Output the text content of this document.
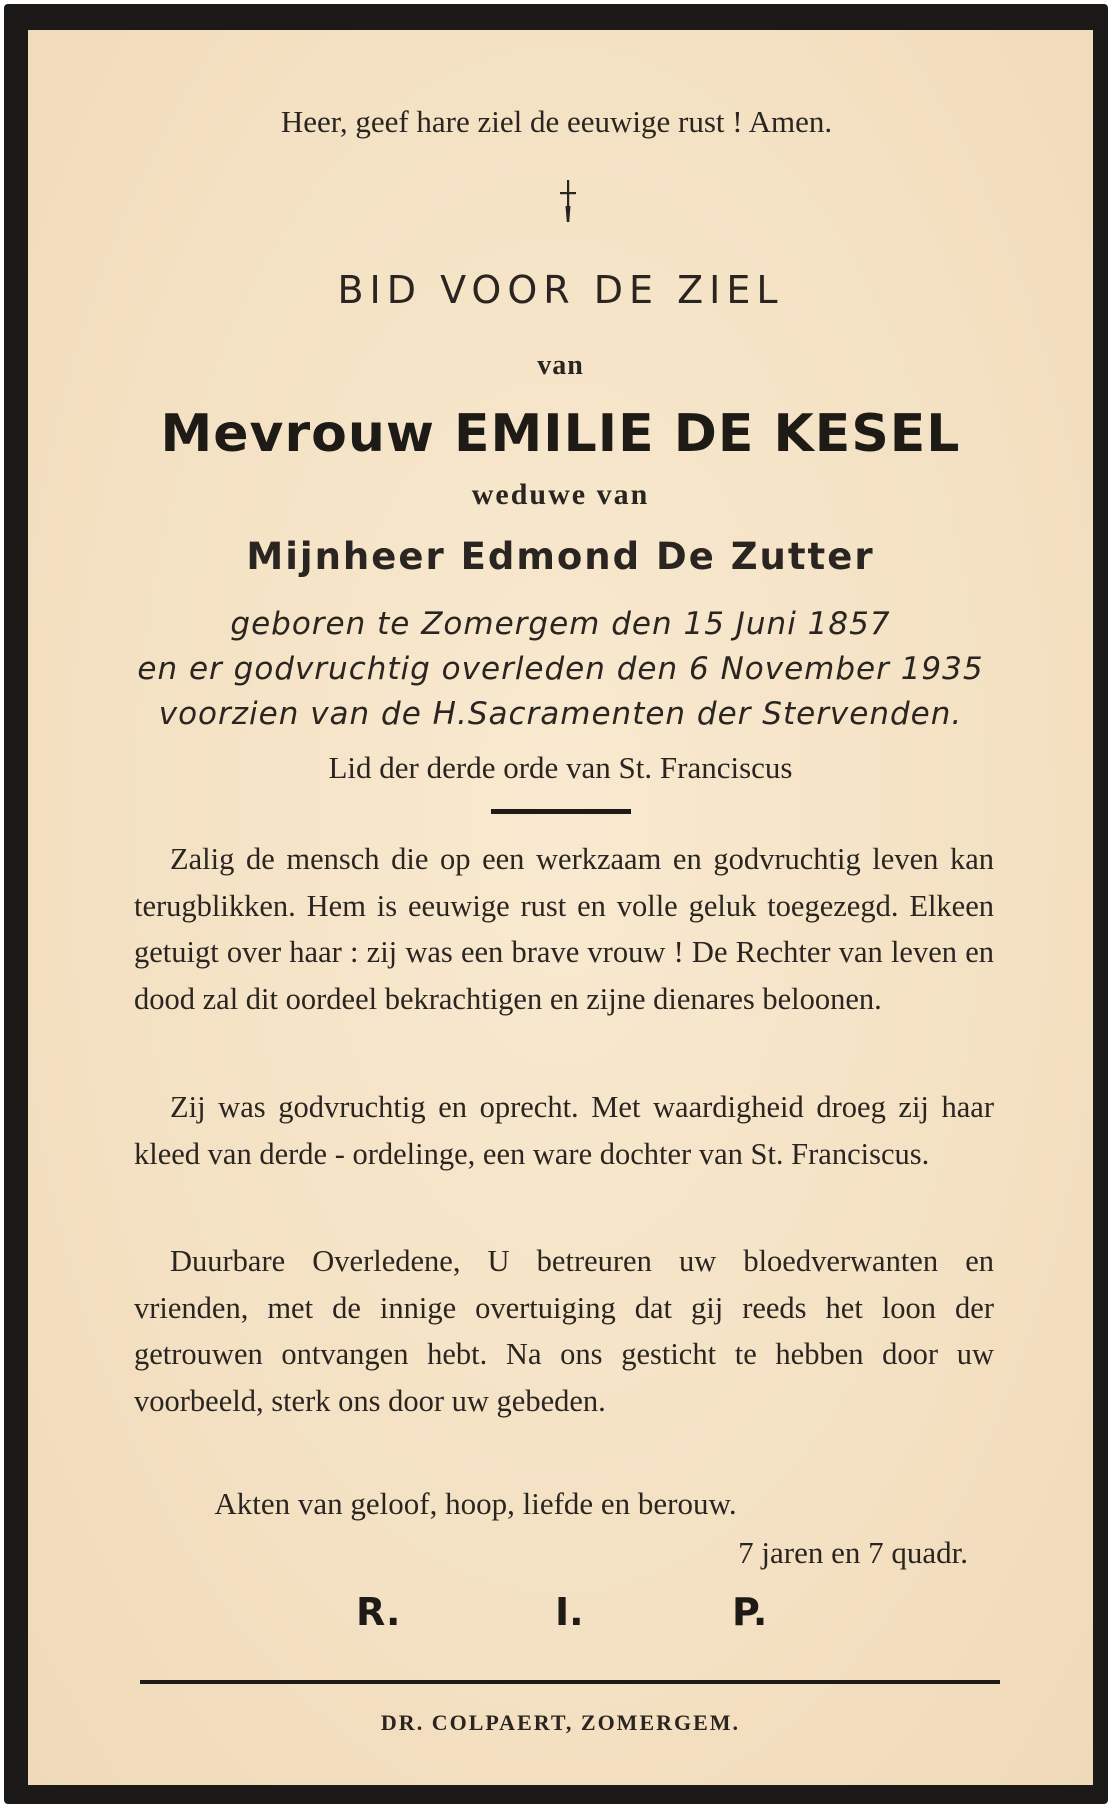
Heer, geef hare ziel de eeuwige rust ! Amen.
BID VOOR DE ZIEL
van
Mevrouw EMILIE DE KESEL
weduwe van
Mijnheer Edmond De Zutter
geboren te Zomergem den 15 Juni 1857
en er godvruchtig overleden den 6 November 1935
voorzien van de H.Sacramenten der Stervenden.
Lid der derde orde van St. Franciscus

Zalig de mensch die op een werkzaam en godvruchtig leven kan terugblikken. Hem is eeuwige rust en volle geluk toegezegd. Elkeen getuigt over haar : zij was een brave vrouw ! De Rechter van leven en dood zal dit oordeel bekrachtigen en zijne dienares beloonen.

Zij was godvruchtig en oprecht. Met waardigheid droeg zij haar kleed van derde - ordelinge, een ware dochter van St. Franciscus.

Duurbare Overledene, U betreuren uw bloedverwanten en vrienden, met de innige overtuiging dat gij reeds het loon der getrouwen ontvangen hebt. Na ons gesticht te hebben door uw voorbeeld, sterk ons door uw gebeden.

Akten van geloof, hoop, liefde en berouw.
7 jaren en 7 quadr.
R.	I.	P.
DR. COLPAERT, ZOMERGEM.
